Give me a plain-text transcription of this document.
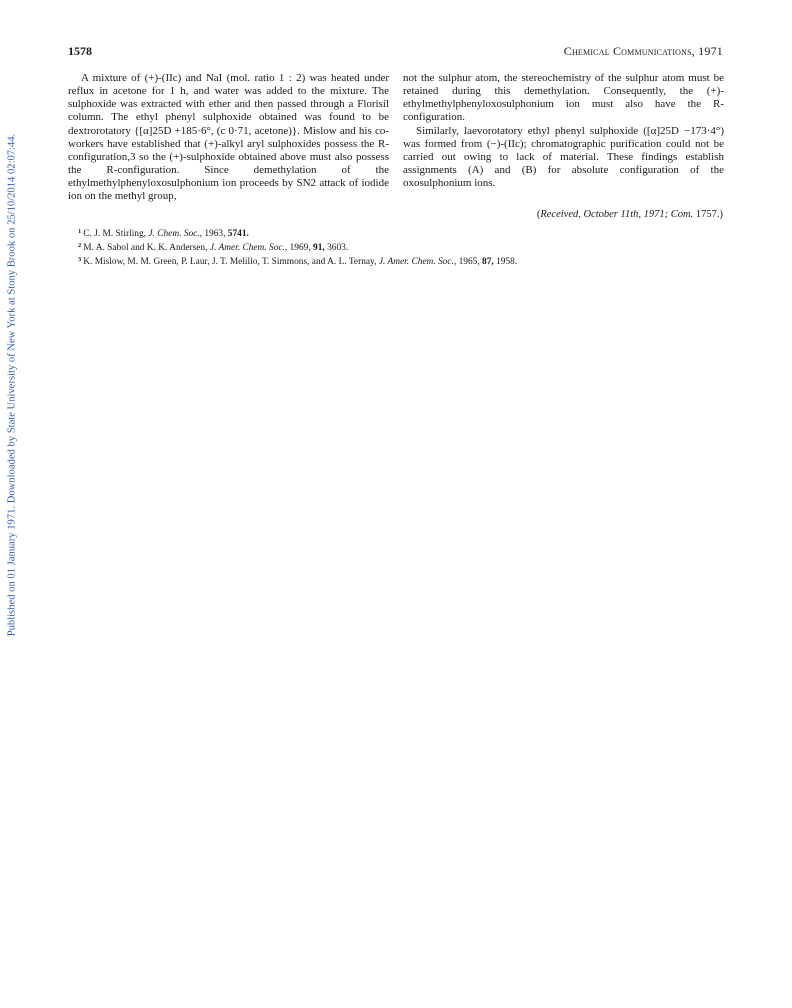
Published on 01 January 1971. Downloaded by State University of New York at Stony Brook on 25/10/2014 02:07:44.
1578	Chemical Communications, 1971

A mixture of (+)-(IIc) and NaI (mol. ratio 1 : 2) was heated under reflux in acetone for 1 h, and water was added to the mixture. The sulphoxide was extracted with ether and then passed through a Florisil column. The ethyl phenyl sulphoxide obtained was found to be dextrorotatory {[α]25D +185·6°, (c 0·71, acetone)}. Mislow and his co-workers have established that (+)-alkyl aryl sulphoxides possess the R-configuration,3 so the (+)-sulphoxide obtained above must also possess the R-configuration. Since demethylation of the ethylmethylphenyloxosulphonium ion proceeds by SN2 attack of iodide ion on the methyl group,

not the sulphur atom, the stereochemistry of the sulphur atom must be retained during this demethylation. Consequently, the (+)-ethylmethylphenyloxosulphonium ion must also have the R-configuration.

Similarly, laevorotatory ethyl phenyl sulphoxide ([α]25D −173·4°) was formed from (−)-(IIc); chromatographic purification could not be carried out owing to lack of material. These findings establish assignments (A) and (B) for absolute configuration of the oxosulphonium ions.

(Received, October 11th, 1971; Com. 1757.)
$^1$ C. J. M. Stirling, J. Chem. Soc., 1963, 5741.
$^2$ M. A. Sabol and K. K. Andersen, J. Amer. Chem. Soc., 1969, 91, 3603.
$^3$ K. Mislow, M. M. Green, P. Laur, J. T. Melillo, T. Simmons, and A. L. Ternay, J. Amer. Chem. Soc., 1965, 87, 1958.
